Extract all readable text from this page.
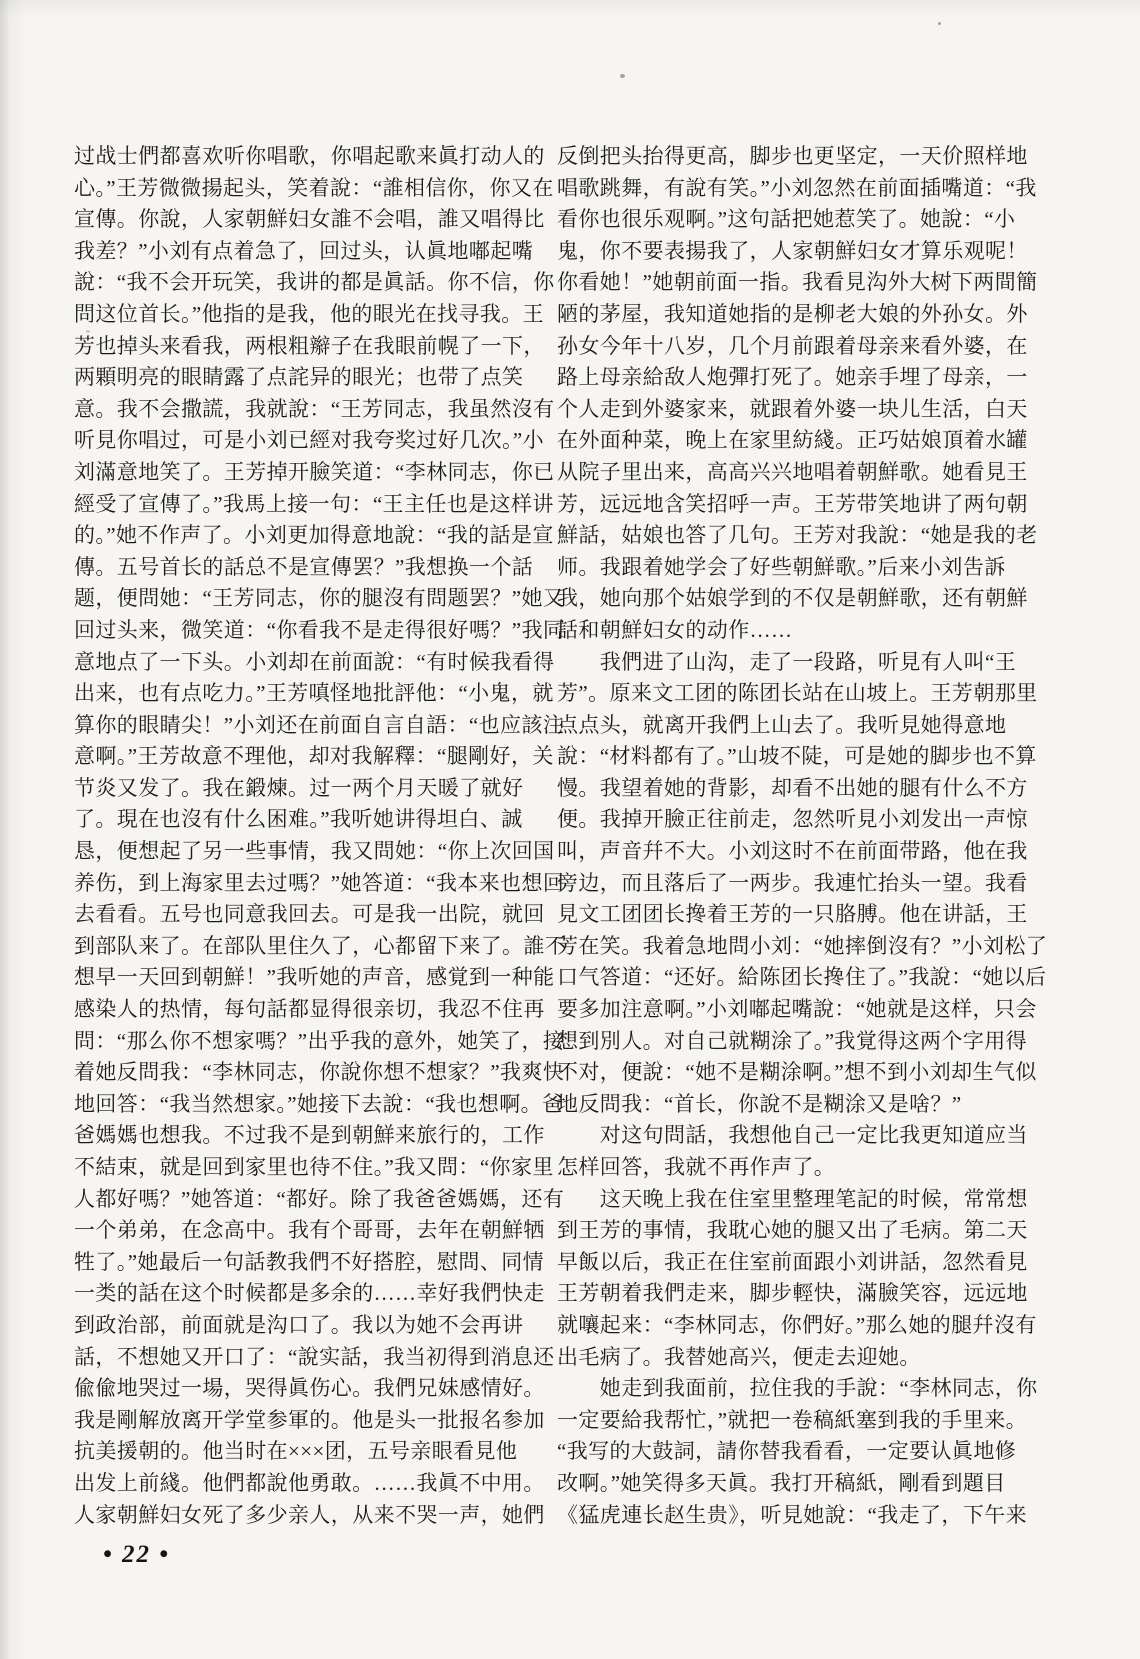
过战士們都喜欢听你唱歌，你唱起歌来眞打动人的
心。”王芳微微揚起头，笑着說：“誰相信你，你又在
宣傳。你說，人家朝鮮妇女誰不会唱，誰又唱得比
我差？”小刘有点着急了，回过头，认眞地嘟起嘴
說：“我不会开玩笑，我讲的都是眞話。你不信，你
問这位首长。”他指的是我，他的眼光在找寻我。王
芳也掉头来看我，两根粗辮子在我眼前幌了一下，
两顆明亮的眼睛露了点詫异的眼光；也带了点笑
意。我不会撒謊，我就說：“王芳同志，我虽然沒有
听見你唱过，可是小刘已經对我夸奖过好几次。”小
刘滿意地笑了。王芳掉开臉笑道：“李林同志，你已
經受了宣傳了。”我馬上接一句：“王主任也是这样讲
的。”她不作声了。小刘更加得意地說：“我的話是宣
傳。五号首长的話总不是宣傳罢？”我想换一个話
题，便問她：“王芳同志，你的腿沒有問题罢？”她又
回过头来，微笑道：“你看我不是走得很好嗎？”我同
意地点了一下头。小刘却在前面說：“有时候我看得
出来，也有点吃力。”王芳嗔怪地批評他：“小鬼，就
算你的眼睛尖！”小刘还在前面自言自語：“也应該注
意啊。”王芳故意不理他，却对我解釋：“腿剛好，关
节炎又发了。我在鍛煉。过一两个月天暖了就好
了。現在也沒有什么困难。”我听她讲得坦白、誠
恳，便想起了另一些事情，我又問她：“你上次回国
养伤，到上海家里去过嗎？”她答道：“我本来也想回
去看看。五号也同意我回去。可是我一出院，就回
到部队来了。在部队里住久了，心都留下来了。誰不
想早一天回到朝鮮！”我听她的声音，感覚到一种能
感染人的热情，每句話都显得很亲切，我忍不住再
問：“那么你不想家嗎？”出乎我的意外，她笑了，接
着她反問我：“李林同志，你說你想不想家？”我爽快
地回答：“我当然想家。”她接下去說：“我也想啊。爸
爸媽媽也想我。不过我不是到朝鮮来旅行的，工作
不結束，就是回到家里也待不住。”我又問：“你家里
人都好嗎？”她答道：“都好。除了我爸爸媽媽，还有
一个弟弟，在念高中。我有个哥哥，去年在朝鮮牺
牲了。”她最后一句話教我們不好搭腔，慰問、同情
一类的話在这个时候都是多余的……幸好我們快走
到政治部，前面就是沟口了。我以为她不会再讲
話，不想她又开口了：“說实話，我当初得到消息还
偸偸地哭过一場，哭得眞伤心。我們兄妹感情好。
我是剛解放离开学堂参軍的。他是头一批报名参加
抗美援朝的。他当时在×××团，五号亲眼看見他
出发上前綫。他們都說他勇敢。……我眞不中用。
人家朝鮮妇女死了多少亲人，从来不哭一声，她們
反倒把头抬得更高，脚步也更坚定，一天价照样地
唱歌跳舞，有說有笑。”小刘忽然在前面插嘴道：“我
看你也很乐观啊。”这句話把她惹笑了。她說：“小
鬼，你不要表揚我了，人家朝鮮妇女才算乐观呢！
你看她！”她朝前面一指。我看見沟外大树下两間簡
陋的茅屋，我知道她指的是柳老大娘的外孙女。外
孙女今年十八岁，几个月前跟着母亲来看外婆，在
路上母亲給敌人炮彈打死了。她亲手埋了母亲，一
个人走到外婆家来，就跟着外婆一块儿生活，白天
在外面种菜，晚上在家里紡綫。正巧姑娘頂着水罐
从院子里出来，高高兴兴地唱着朝鮮歌。她看見王
芳，远远地含笑招呼一声。王芳带笑地讲了两句朝
鮮話，姑娘也答了几句。王芳对我說：“她是我的老
师。我跟着她学会了好些朝鮮歌。”后来小刘吿訴
我，她向那个姑娘学到的不仅是朝鮮歌，还有朝鮮
話和朝鮮妇女的动作……
　　我們进了山沟，走了一段路，听見有人叫“王
芳”。原来文工团的陈团长站在山坡上。王芳朝那里
点点头，就离开我們上山去了。我听見她得意地
說：“材料都有了。”山坡不陡，可是她的脚步也不算
慢。我望着她的背影，却看不出她的腿有什么不方
便。我掉开臉正往前走，忽然听見小刘发出一声惊
叫，声音幷不大。小刘这时不在前面带路，他在我
旁边，而且落后了一两步。我連忙抬头一望。我看
見文工团团长搀着王芳的一只胳膊。他在讲話，王
芳在笑。我着急地問小刘：“她摔倒沒有？”小刘松了
口气答道：“还好。給陈团长搀住了。”我說：“她以后
要多加注意啊。”小刘嘟起嘴說：“她就是这样，只会
想到別人。对自己就糊涂了。”我覚得这两个字用得
不对，便說：“她不是糊涂啊。”想不到小刘却生气似
地反問我：“首长，你說不是糊涂又是啥？”
　　对这句問話，我想他自己一定比我更知道应当
怎样回答，我就不再作声了。
　　这天晚上我在住室里整理笔記的时候，常常想
到王芳的事情，我耽心她的腿又出了毛病。第二天
早飯以后，我正在住室前面跟小刘讲話，忽然看見
王芳朝着我們走来，脚步輕快，滿臉笑容，远远地
就嚷起来：“李林同志，你們好。”那么她的腿幷沒有
出毛病了。我替她高兴，便走去迎她。
　　她走到我面前，拉住我的手說：“李林同志，你
一定要給我帮忙，”就把一卷稿紙塞到我的手里来。
“我写的大鼓詞，請你替我看看，一定要认眞地修
改啊。”她笑得多天眞。我打开稿紙，剛看到題目
《猛虎連长赵生贵》，听見她說：“我走了，下午来
• 22 •
